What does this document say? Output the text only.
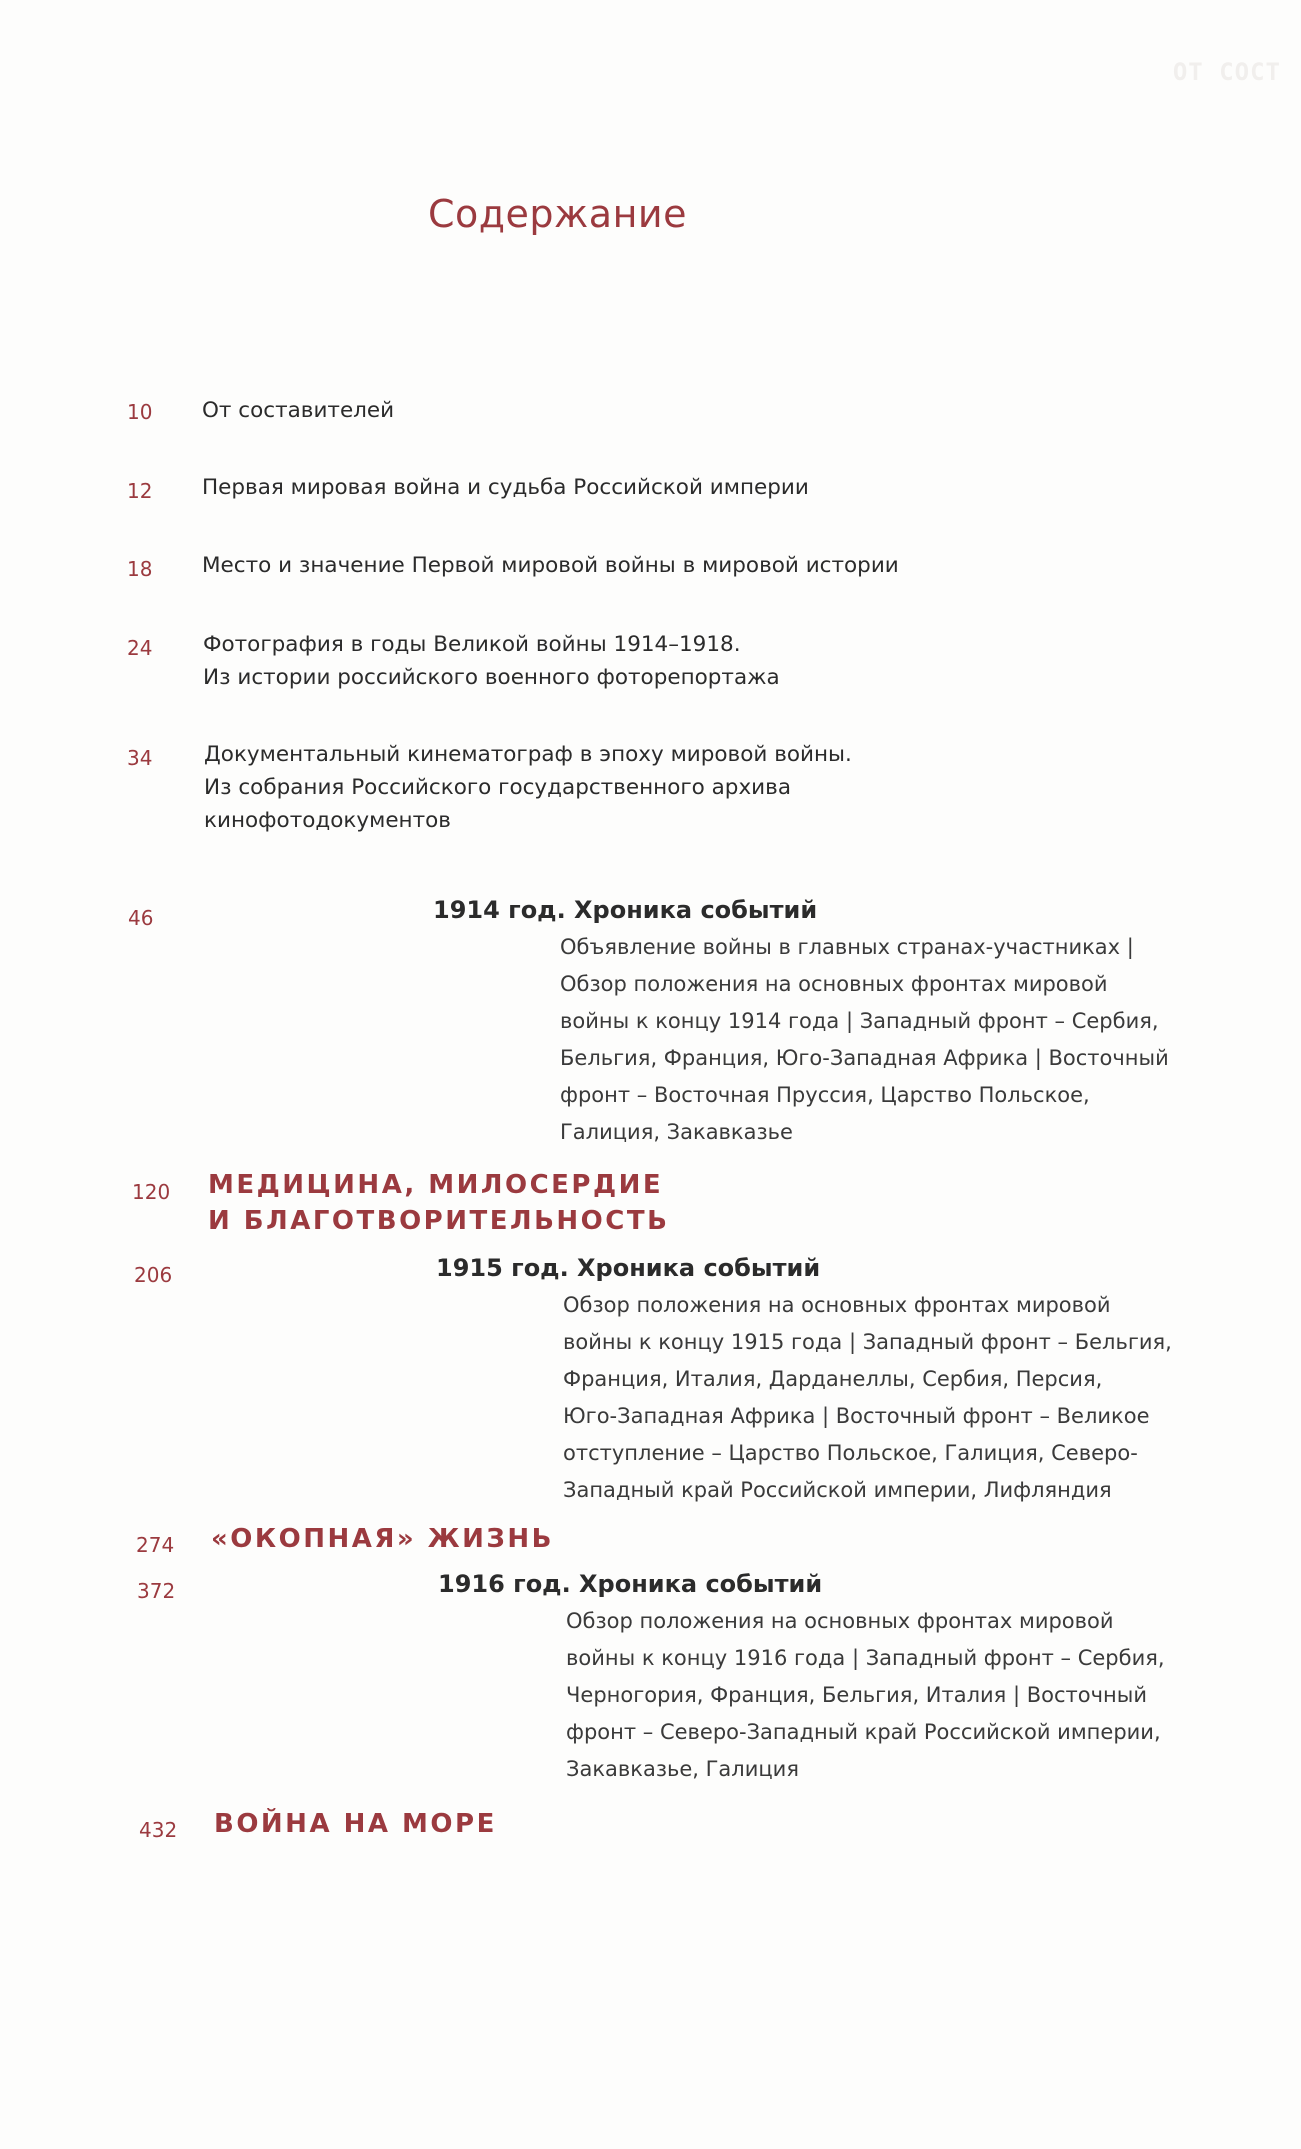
ОТ СОСТ
Содержание
10 От составителей
12 Первая мировая война и судьба Российской империи
18 Место и значение Первой мировой войны в мировой истории
24 Фотография в годы Великой войны 1914–1918.
Из истории российского военного фоторепортажа
34 Документальный кинематограф в эпоху мировой войны.
Из собрания Российского государственного архива
кинофотодокументов
46	1914 год. Хроника событий
Объявление войны в главных странах-участниках |
Обзор положения на основных фронтах мировой
войны к концу 1914 года | Западный фронт – Сербия,
Бельгия, Франция, Юго-Западная Африка | Восточный
фронт – Восточная Пруссия, Царство Польское,
Галиция, Закавказье
120 МЕДИЦИНА, МИЛОСЕРДИЕ
И БЛАГОТВОРИТЕЛЬНОСТЬ
206	1915 год. Хроника событий
Обзор положения на основных фронтах мировой
войны к концу 1915 года | Западный фронт – Бельгия,
Франция, Италия, Дарданеллы, Сербия, Персия,
Юго-Западная Африка | Восточный фронт – Великое
отступление – Царство Польское, Галиция, Северо-
Западный край Российской империи, Лифляндия
274 «ОКОПНАЯ» ЖИЗНЬ
372	1916 год. Хроника событий
Обзор положения на основных фронтах мировой
войны к концу 1916 года | Западный фронт – Сербия,
Черногория, Франция, Бельгия, Италия | Восточный
фронт – Северо-Западный край Российской империи,
Закавказье, Галиция
432 ВОЙНА НА МОРЕ
